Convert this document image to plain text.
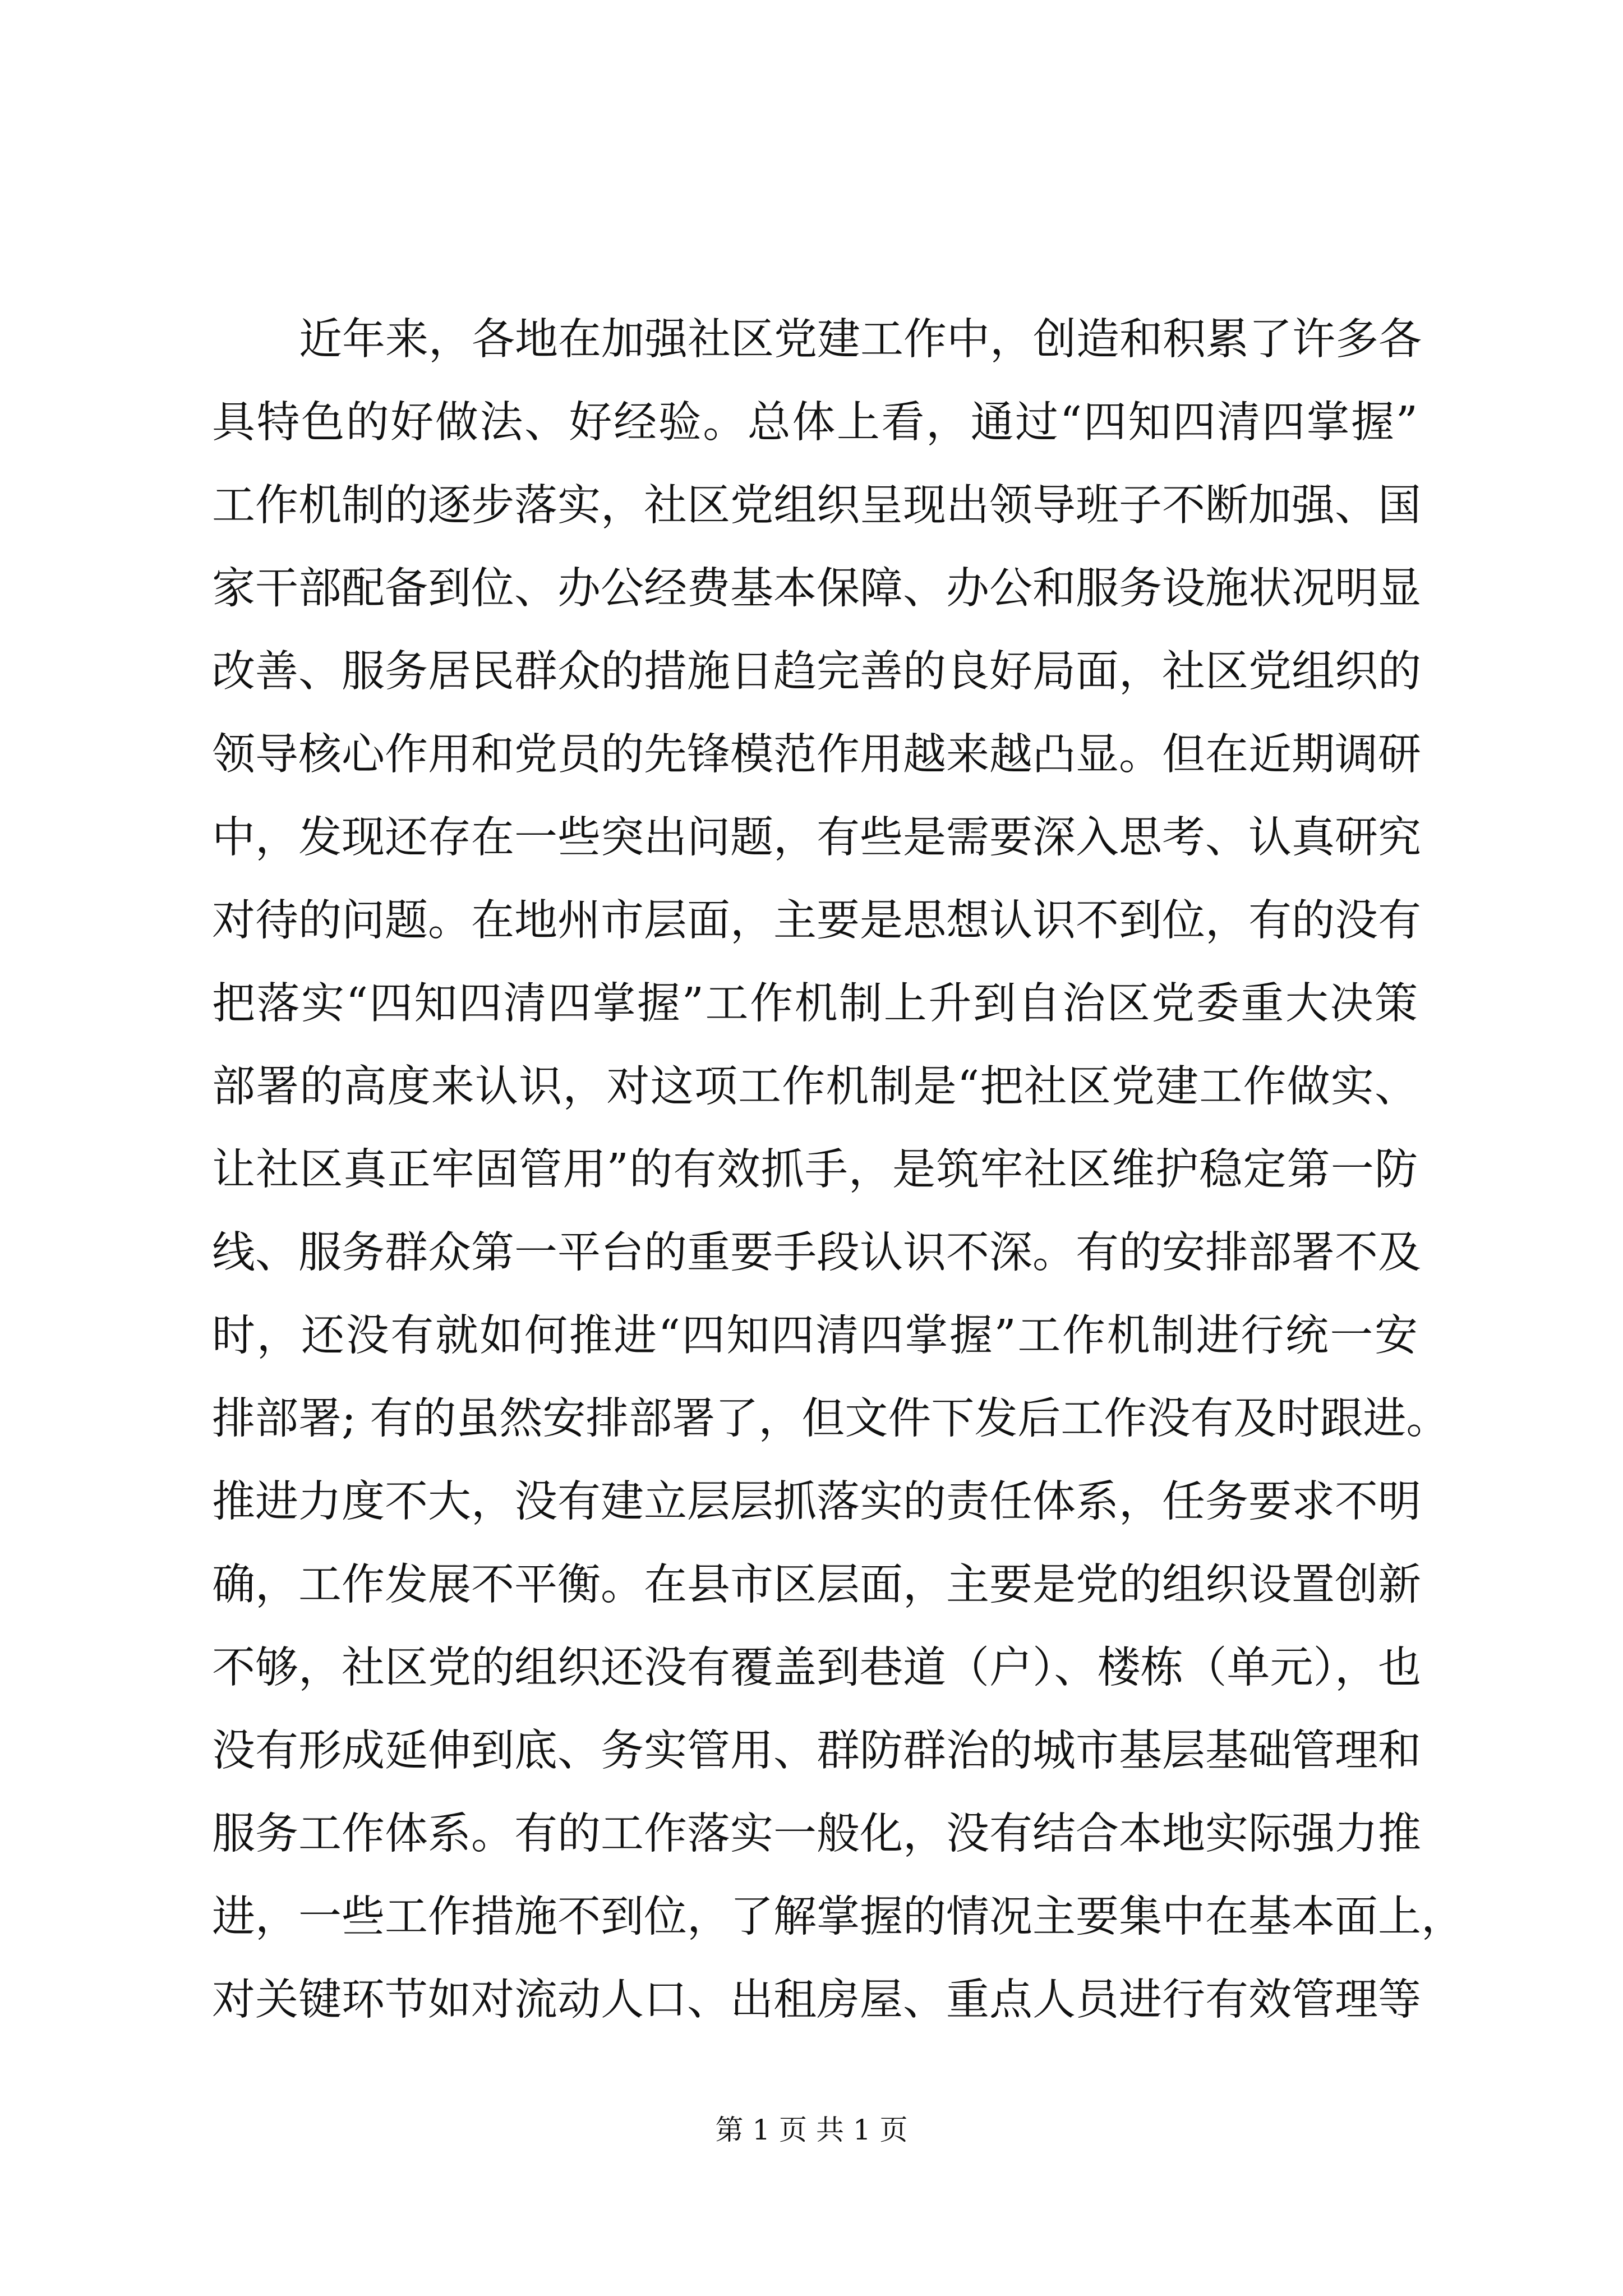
近年来，各地在加强社区党建工作中，创造和积累了许多各
具特色的好做法、好经验。总体上看，通过“四知四清四掌握”
工作机制的逐步落实，社区党组织呈现出领导班子不断加强、国
家干部配备到位、办公经费基本保障、办公和服务设施状况明显
改善、服务居民群众的措施日趋完善的良好局面，社区党组织的
领导核心作用和党员的先锋模范作用越来越凸显。但在近期调研
中，发现还存在一些突出问题，有些是需要深入思考、认真研究
对待的问题。在地州市层面，主要是思想认识不到位，有的没有
把落实“四知四清四掌握”工作机制上升到自治区党委重大决策
部署的高度来认识，对这项工作机制是“把社区党建工作做实、
让社区真正牢固管用”的有效抓手，是筑牢社区维护稳定第一防
线、服务群众第一平台的重要手段认识不深。有的安排部署不及
时，还没有就如何推进“四知四清四掌握”工作机制进行统一安
排部署; 有的虽然安排部署了，但文件下发后工作没有及时跟进。
推进力度不大，没有建立层层抓落实的责任体系，任务要求不明
确，工作发展不平衡。在县市区层面，主要是党的组织设置创新
不够，社区党的组织还没有覆盖到巷道（户）、楼栋（单元），也
没有形成延伸到底、务实管用、群防群治的城市基层基础管理和
服务工作体系。有的工作落实一般化，没有结合本地实际强力推
进，一些工作措施不到位，了解掌握的情况主要集中在基本面上，
对关键环节如对流动人口、出租房屋、重点人员进行有效管理等
第 1 页 共 1 页
